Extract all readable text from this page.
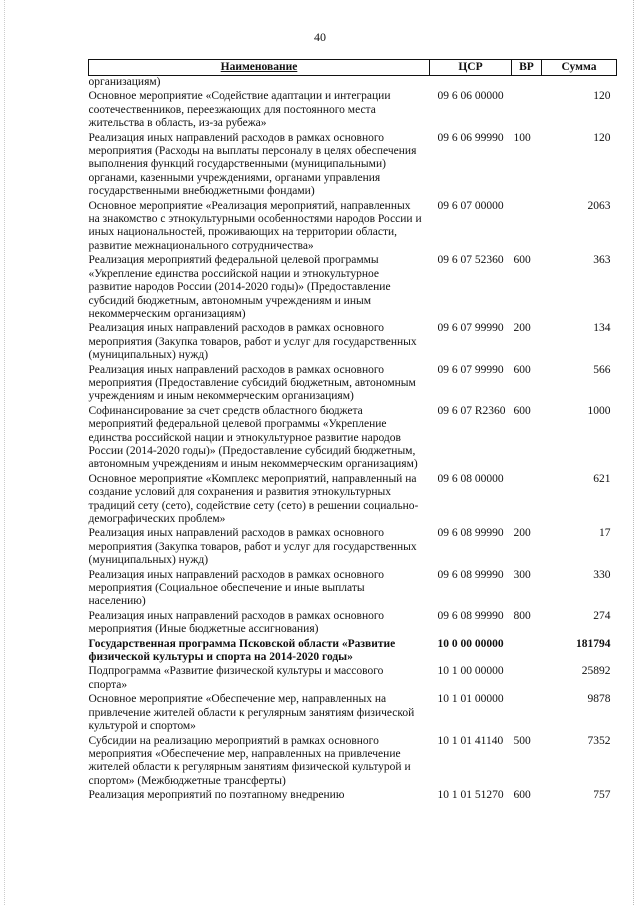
40
Наименование	ЦСР	ВР	Сумма
организациям)			
Основное мероприятие «Содействие адаптации и интеграции соотечественников, переезжающих для постоянного места жительства в область, из-за рубежа»	09 6 06 00000		120
Реализация иных направлений расходов в рамках основного мероприятия (Расходы на выплаты персоналу в целях обеспечения выполнения функций государственными (муниципальными) органами, казенными учреждениями, органами управления государственными внебюджетными фондами)	09 6 06 99990	100	120
Основное мероприятие «Реализация мероприятий, направленных на знакомство с этнокультурными особенностями народов России и иных национальностей, проживающих на территории области, развитие межнационального сотрудничества»	09 6 07 00000		2063
Реализация мероприятий федеральной целевой программы «Укрепление единства российской нации и этнокультурное развитие народов России (2014-2020 годы)» (Предоставление субсидий бюджетным, автономным учреждениям и иным некоммерческим организациям)	09 6 07 52360	600	363
Реализация иных направлений расходов в рамках основного мероприятия (Закупка товаров, работ и услуг для государственных (муниципальных) нужд)	09 6 07 99990	200	134
Реализация иных направлений расходов в рамках основного мероприятия (Предоставление субсидий бюджетным, автономным учреждениям и иным некоммерческим организациям)	09 6 07 99990	600	566
Софинансирование за счет средств областного бюджета мероприятий федеральной целевой программы «Укрепление единства российской нации и этнокультурное развитие народов России (2014-2020 годы)» (Предоставление субсидий бюджетным, автономным учреждениям и иным некоммерческим организациям)	09 6 07 R2360	600	1000
Основное мероприятие «Комплекс мероприятий, направленный на создание условий для сохранения и развития этнокультурных традиций сету (сето), содействие сету (сето) в решении социально-демографических проблем»	09 6 08 00000		621
Реализация иных направлений расходов в рамках основного мероприятия (Закупка товаров, работ и услуг для государственных (муниципальных) нужд)	09 6 08 99990	200	17
Реализация иных направлений расходов в рамках основного мероприятия (Социальное обеспечение и иные выплаты населению)	09 6 08 99990	300	330
Реализация иных направлений расходов в рамках основного мероприятия (Иные бюджетные ассигнования)	09 6 08 99990	800	274
Государственная программа Псковской области «Развитие физической культуры и спорта на 2014-2020 годы»	10 0 00 00000		181794
Подпрограмма «Развитие физической культуры и массового спорта»	10 1 00 00000		25892
Основное мероприятие «Обеспечение мер, направленных на привлечение жителей области к регулярным занятиям физической культурой и спортом»	10 1 01 00000		9878
Субсидии на реализацию мероприятий в рамках основного мероприятия «Обеспечение мер, направленных на привлечение жителей области к регулярным занятиям физической культурой и спортом» (Межбюджетные трансферты)	10 1 01 41140	500	7352
Реализация мероприятий по поэтапному внедрению	10 1 01 51270	600	757
